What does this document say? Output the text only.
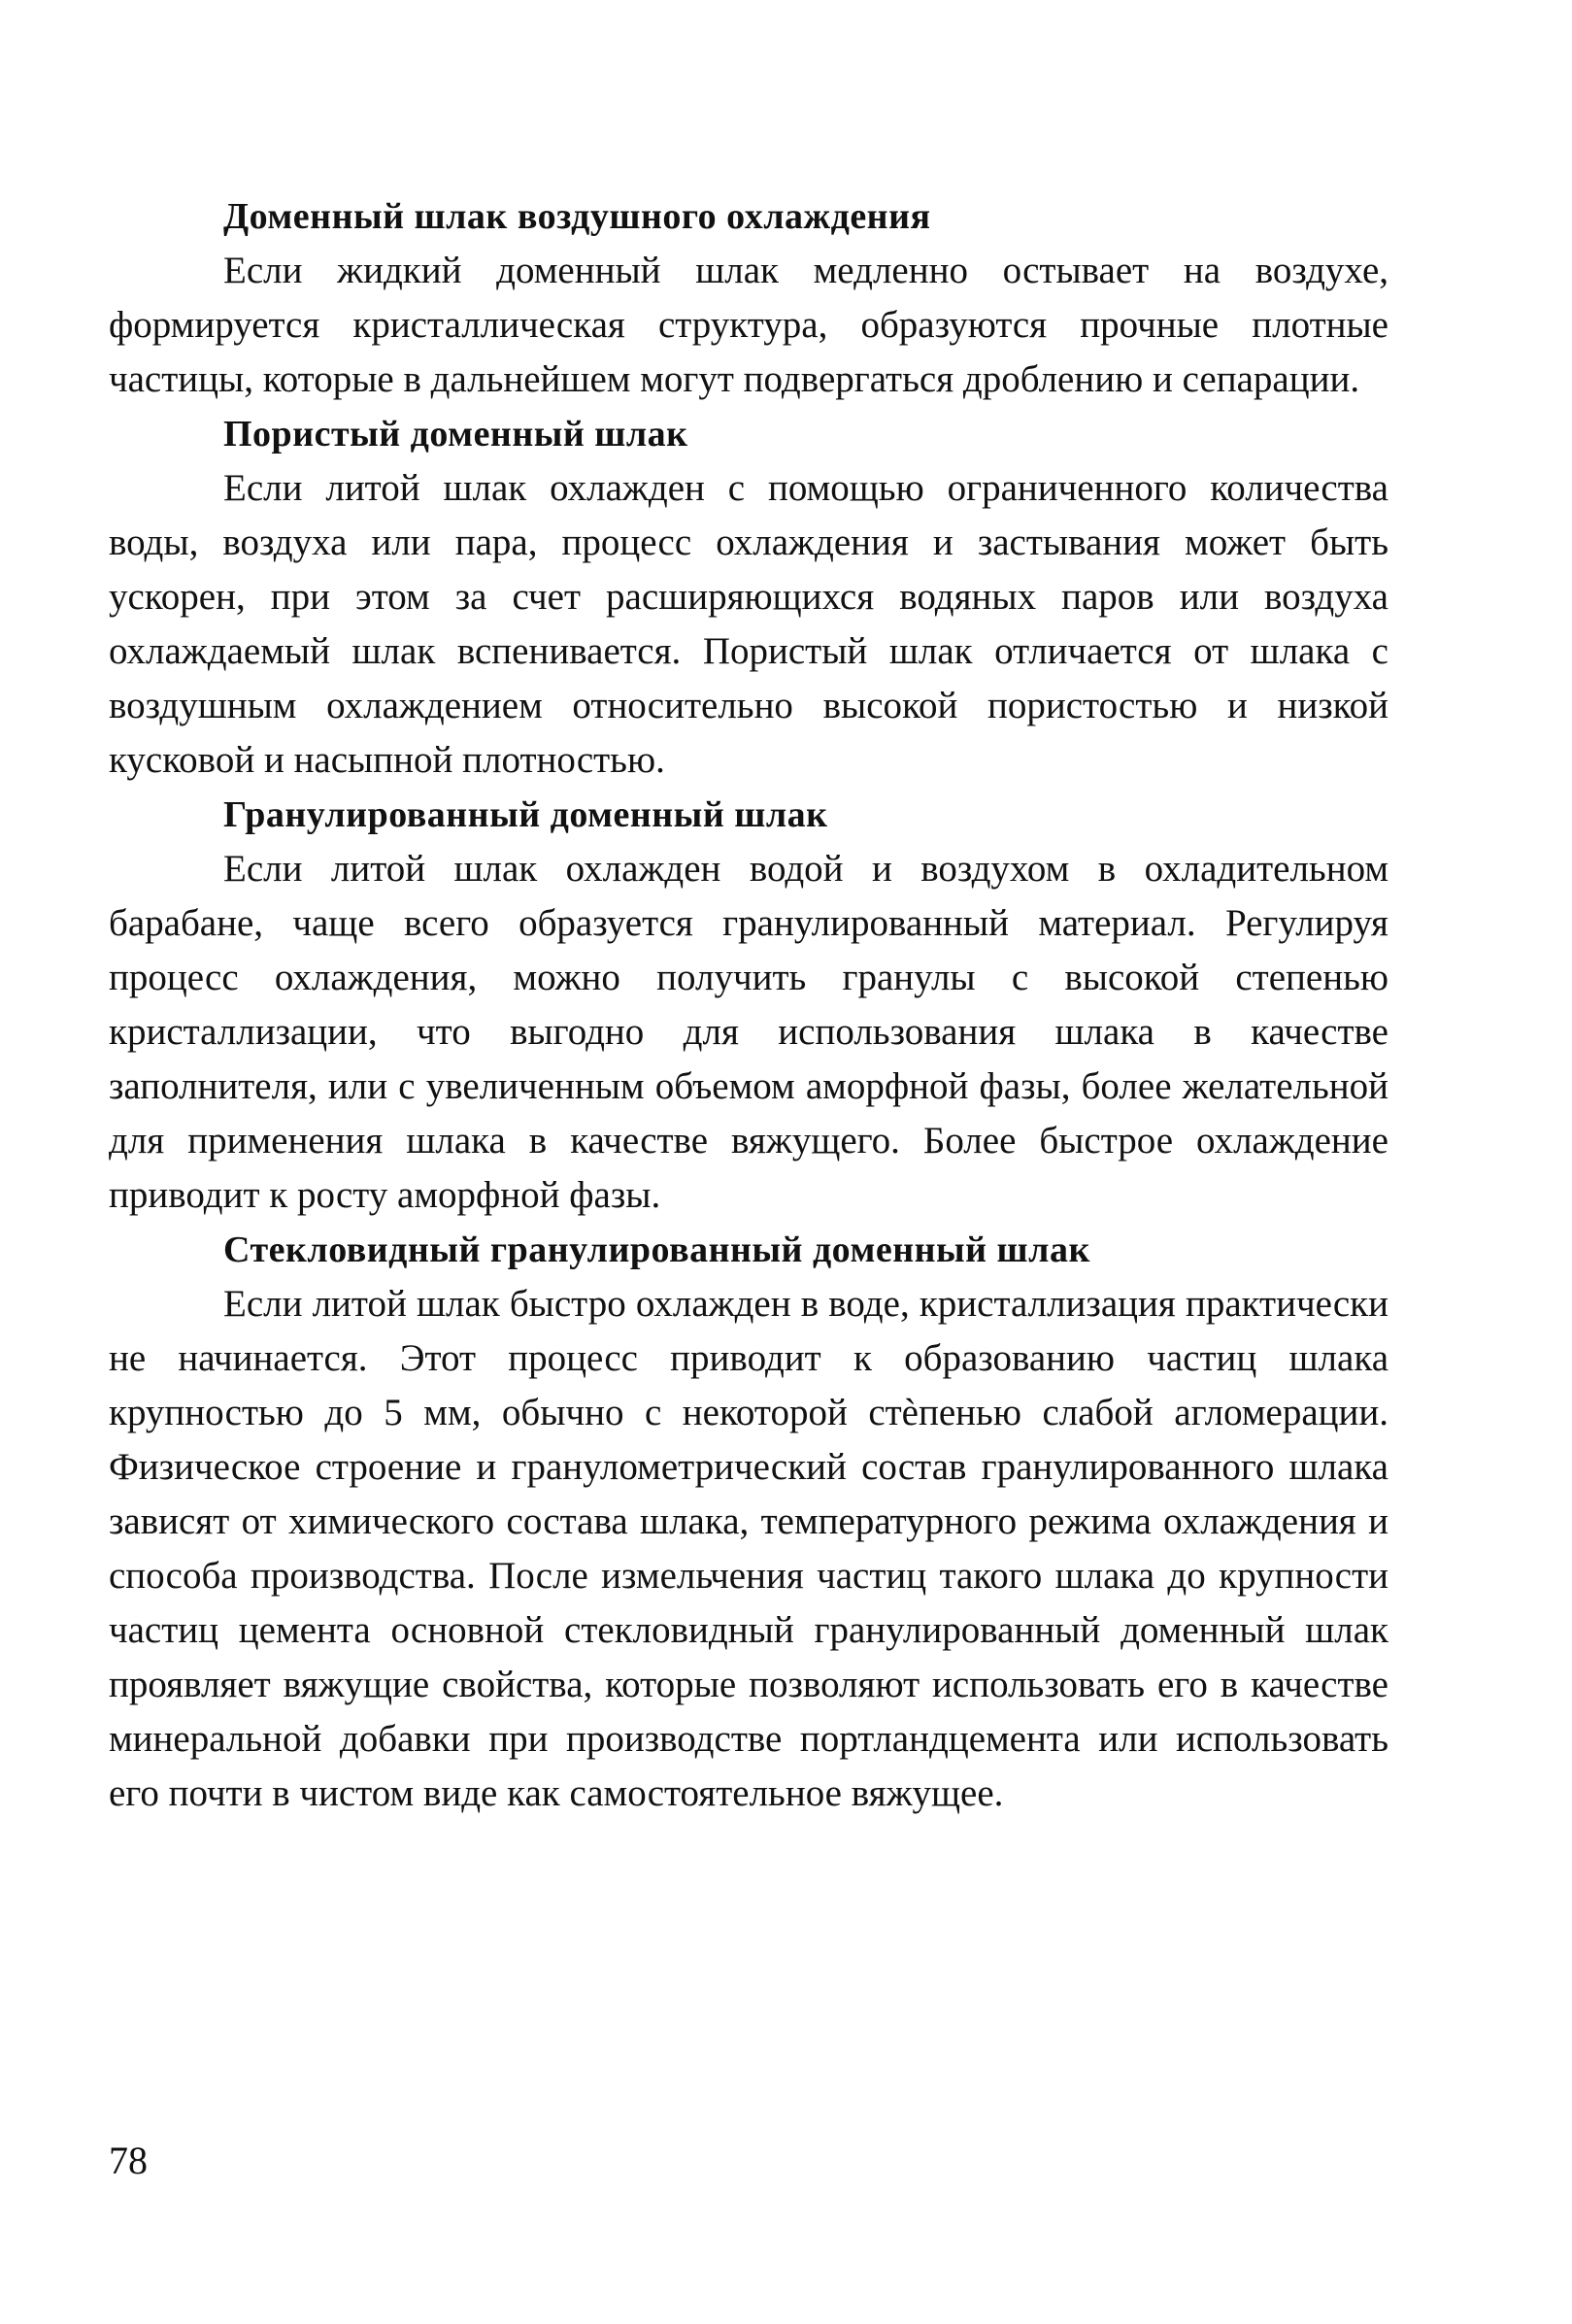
Доменный шлак воздушного охлаждения

Если жидкий доменный шлак медленно остывает на воздухе, формируется кристаллическая структура, образуются прочные плотные частицы, которые в дальнейшем могут подвергаться дроблению и сепарации.

Пористый доменный шлак

Если литой шлак охлажден с помощью ограниченного количества воды, воздуха или пара, процесс охлаждения и застывания может быть ускорен, при этом за счет расширяющихся водяных паров или воздуха охлаждаемый шлак вспенивается. Пористый шлак отличается от шлака с воздушным охлаждением относительно высокой пористостью и низкой кусковой и насыпной плотностью.

Гранулированный доменный шлак

Если литой шлак охлажден водой и воздухом в охладительном барабане, чаще всего образуется гранулированный материал. Регулируя процесс охлаждения, можно получить гранулы с высокой степенью кристаллизации, что выгодно для использования шлака в качестве заполнителя, или с увеличенным объемом аморфной фазы, более желательной для применения шлака в качестве вяжущего. Более быстрое охлаждение приводит к росту аморфной фазы.

Стекловидный гранулированный доменный шлак

Если литой шлак быстро охлажден в воде, кристаллизация практически не начинается. Этот процесс приводит к образованию частиц шлака крупностью до 5 мм, обычно с некоторой стѐпенью слабой агломерации. Физическое строение и гранулометрический состав гранулированного шлака зависят от химического состава шлака, температурного режима охлаждения и способа производства. После измельчения частиц такого шлака до крупности частиц цемента основной стекловидный гранулированный доменный шлак проявляет вяжущие свойства, которые позволяют использовать его в качестве минеральной добавки при производстве портландцемента или использовать его почти в чистом виде как самостоятельное вяжущее.

78
